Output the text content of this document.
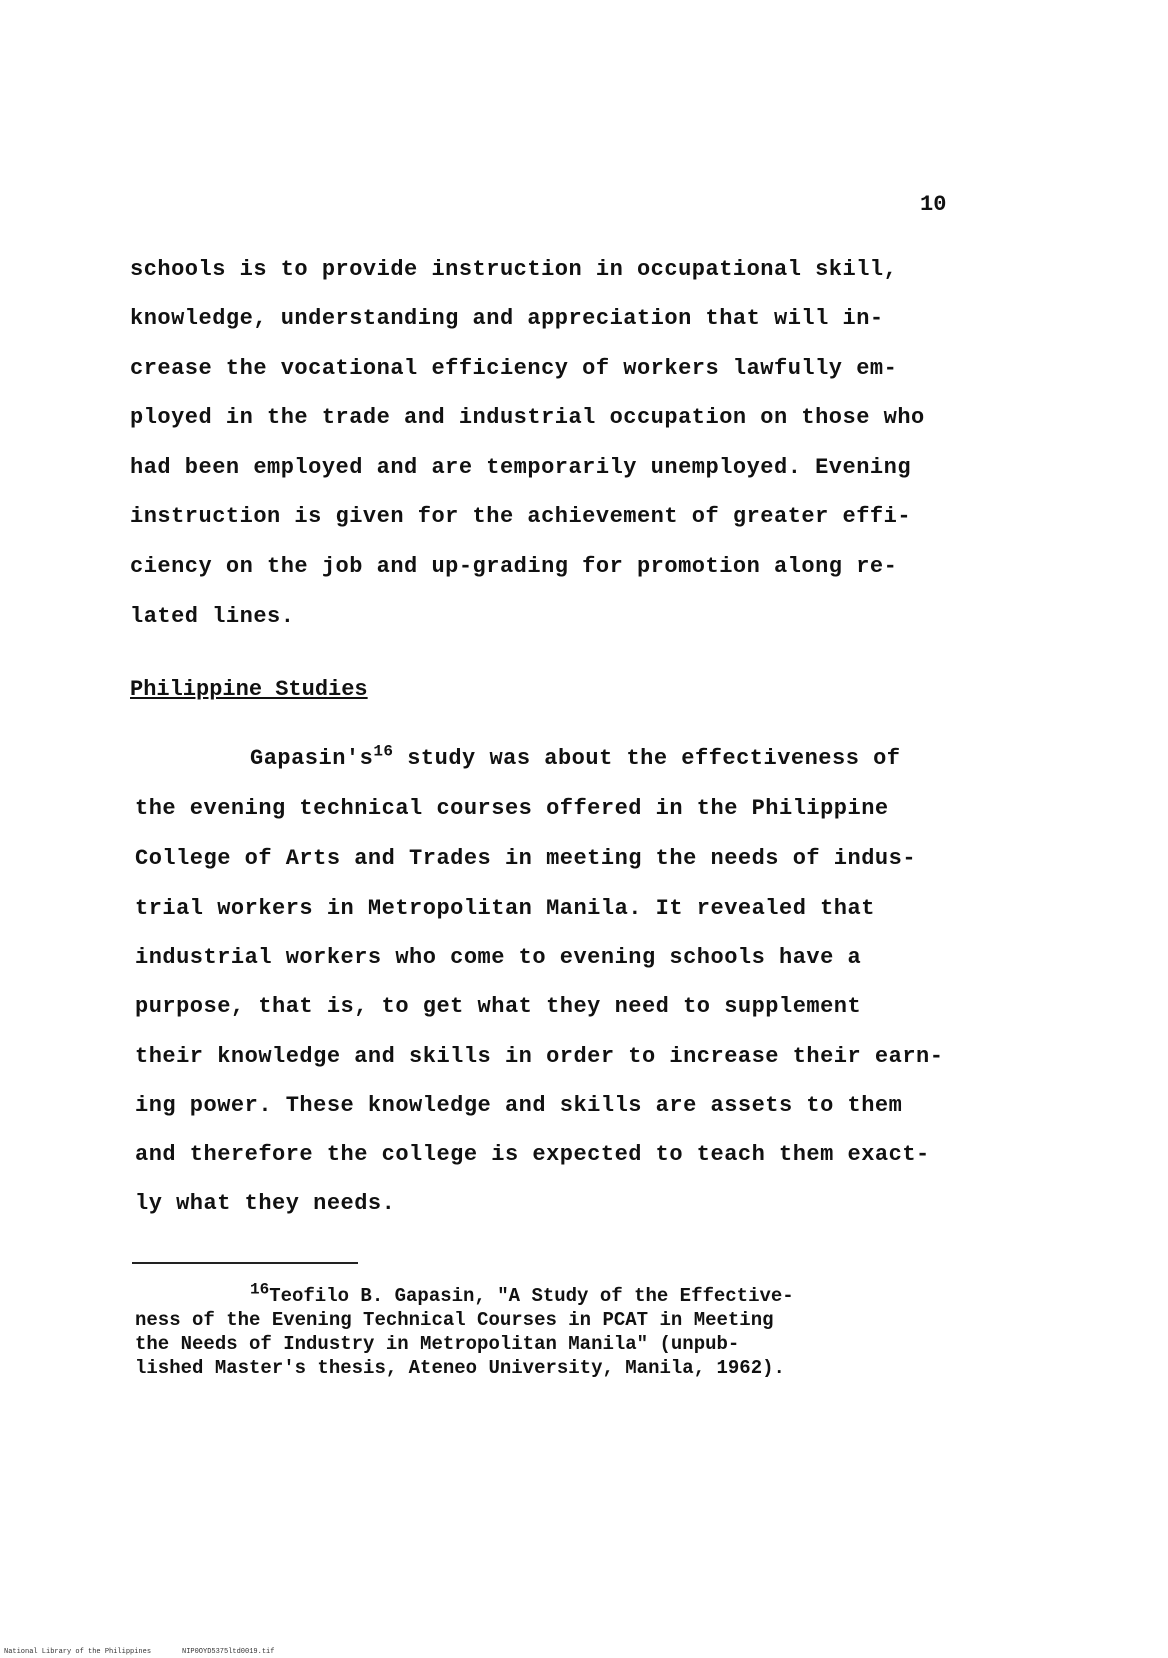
10
schools is to provide instruction in occupational skill,
knowledge, understanding and appreciation that will in-
crease the vocational efficiency of workers lawfully em-
ployed in the trade and industrial occupation on those who
had been employed and are temporarily unemployed. Evening
instruction is given for the achievement of greater effi-
ciency on the job and up-grading for promotion along re-
lated lines.
Philippine Studies
$Gapasin's^{16}$ study was about the effectiveness of
the evening technical courses offered in the Philippine
College of Arts and Trades in meeting the needs of indus-
trial workers in Metropolitan Manila. It revealed that
industrial workers who come to evening schools have a
purpose, that is, to get what they need to supplement
their knowledge and skills in order to increase their earn-
ing power. These knowledge and skills are assets to them
and therefore the college is expected to teach them exact-
ly what they needs.
$^{16}$Teofilo B. Gapasin, "A Study of the Effective-
ness of the Evening Technical Courses in PCAT in Meeting
the Needs of Industry in Metropolitan Manila" (unpub-
lished Master's thesis, Ateneo University, Manila, 1962).
National Library of the Philippines	NIP0OYD5375ltd0019.tif
